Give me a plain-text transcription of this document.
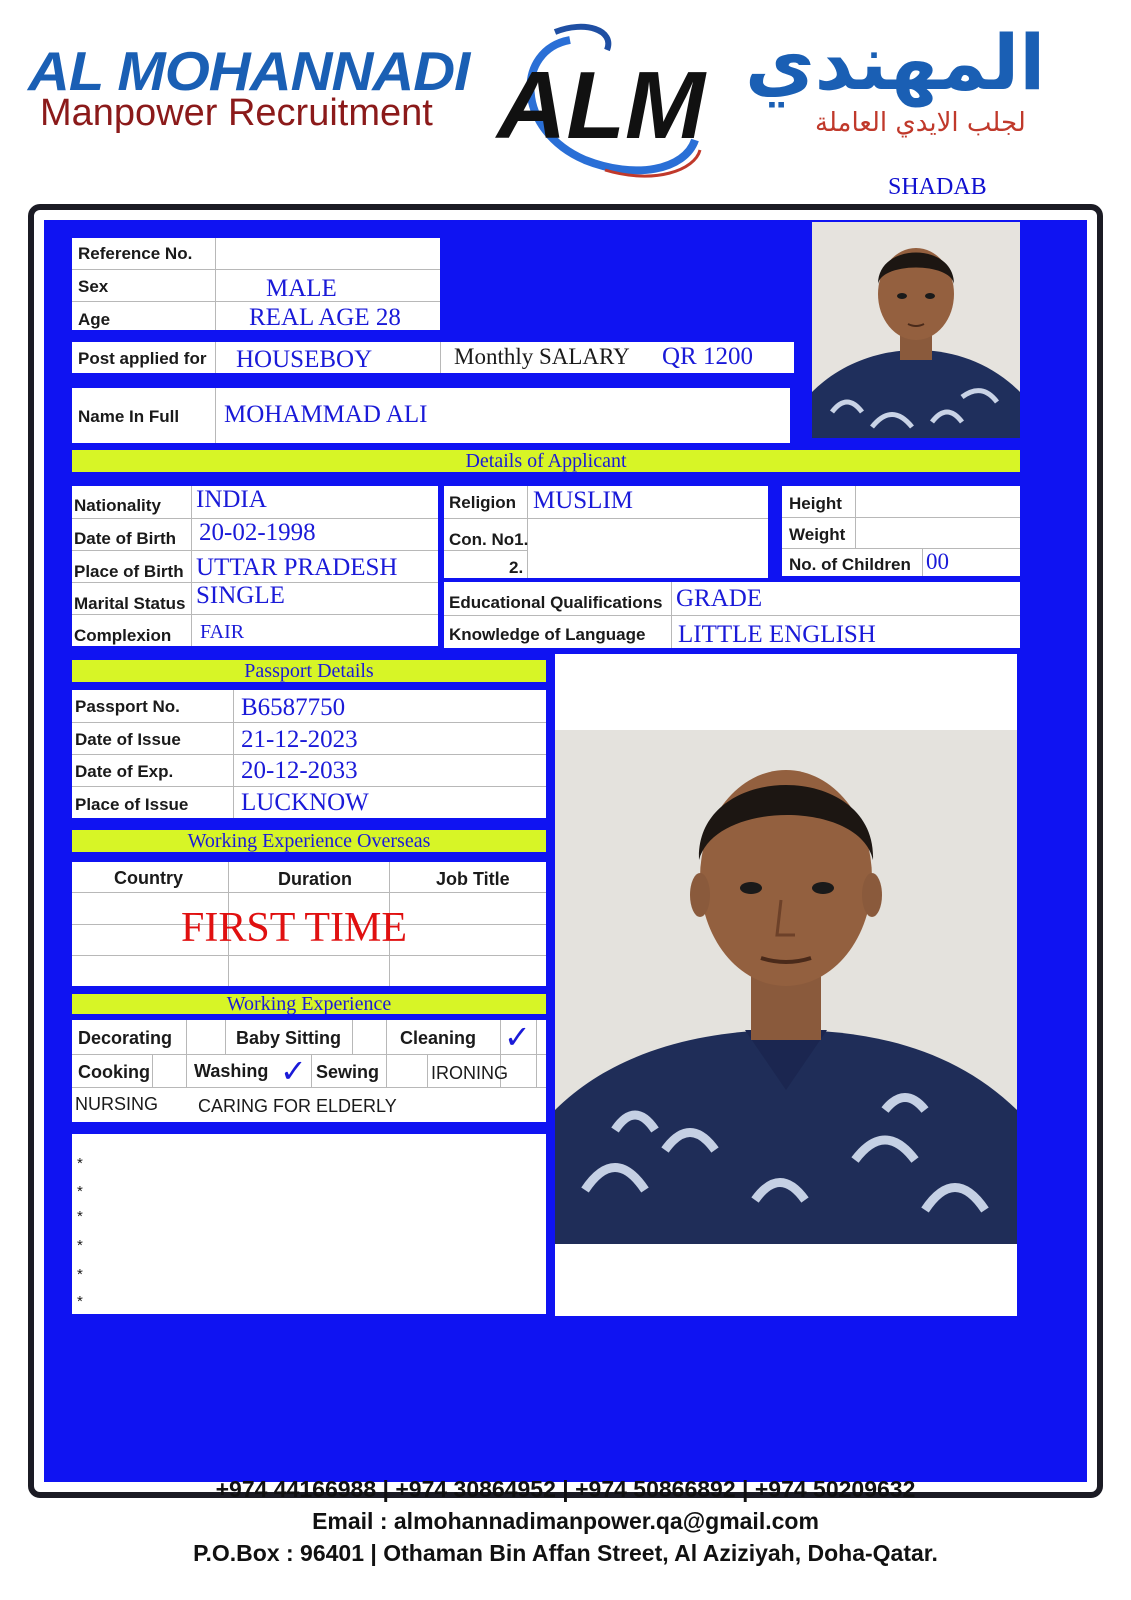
AL MOHANNADI
Manpower Recruitment ALM المهندي
لجلب الايدي العاملة
SHADAB
Reference No.
Sex	MALE
Age	REAL AGE 28
Post applied for HOUSEBOY	Monthly SALARY QR 1200
Name In Full MOHAMMAD ALI
Details of Applicant
Nationality INDIA
Date of Birth 20-02-1998
Place of Birth UTTAR PRADESH
Marital Status SINGLE
Complexion FAIR
Religion MUSLIM
Con. No1.
2.
Height
Weight
No. of Children 00
Educational Qualifications GRADE
Knowledge of Language LITTLE ENGLISH
Passport Details
Passport No. B6587750
Date of Issue 21-12-2023
Date of Exp.	20-12-2033
Place of Issue LUCKNOW
Working Experience Overseas
Country	Duration	Job Title
FIRST TIME
Working Experience
Decorating	Baby Sitting	Cleaning ✓
Cooking Washing ✓ Sewing	IRONING
NURSING CARING FOR ELDERLY
*
*
*
*
*
*
+974 44166988 | +974 30864952 | +974 50866892 | +974 50209632
Email : almohannadimanpower.qa@gmail.com
P.O.Box : 96401 | Othaman Bin Affan Street, Al Aziziyah, Doha-Qatar.
